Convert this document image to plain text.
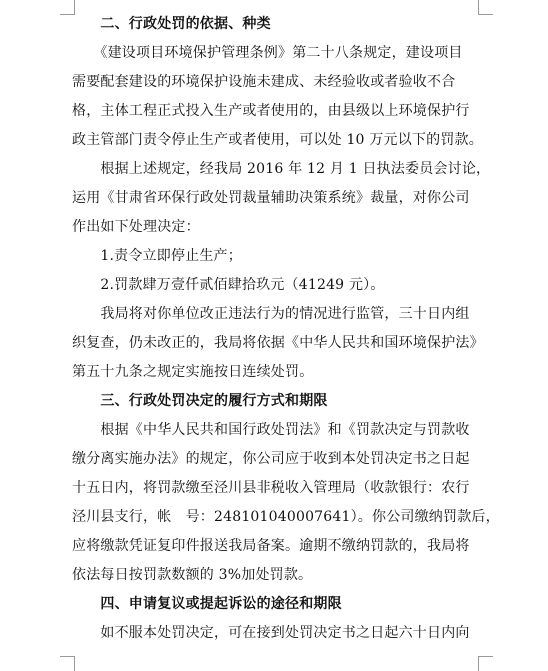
　　二、行政处罚的依据、种类
　　《建设项目环境保护管理条例》第二十八条规定，建设项目
需要配套建设的环境保护设施未建成、未经验收或者验收不合
格，主体工程正式投入生产或者使用的，由县级以上环境保护行
政主管部门责令停止生产或者使用，可以处 10 万元以下的罚款。
　　根据上述规定，经我局 2016 年 12 月 1 日执法委员会讨论，
运用《甘肃省环保行政处罚裁量辅助决策系统》裁量，对你公司
作出如下处理决定：
　　1.责令立即停止生产；
　　2.罚款肆万壹仟贰佰肆拾玖元（41249 元）。
　　我局将对你单位改正违法行为的情况进行监管，三十日内组
织复查，仍未改正的，我局将依据《中华人民共和国环境保护法》
第五十九条之规定实施按日连续处罚。
　　三、行政处罚决定的履行方式和期限
　　根据《中华人民共和国行政处罚法》和《罚款决定与罚款收
缴分离实施办法》的规定，你公司应于收到本处罚决定书之日起
十五日内，将罚款缴至泾川县非税收入管理局（收款银行：农行
泾川县支行，帐　号：248101040007641）。你公司缴纳罚款后，
应将缴款凭证复印件报送我局备案。逾期不缴纳罚款的，我局将
依法每日按罚款数额的 3%加处罚款。
　　四、申请复议或提起诉讼的途径和期限
　　如不服本处罚决定，可在接到处罚决定书之日起六十日内向
